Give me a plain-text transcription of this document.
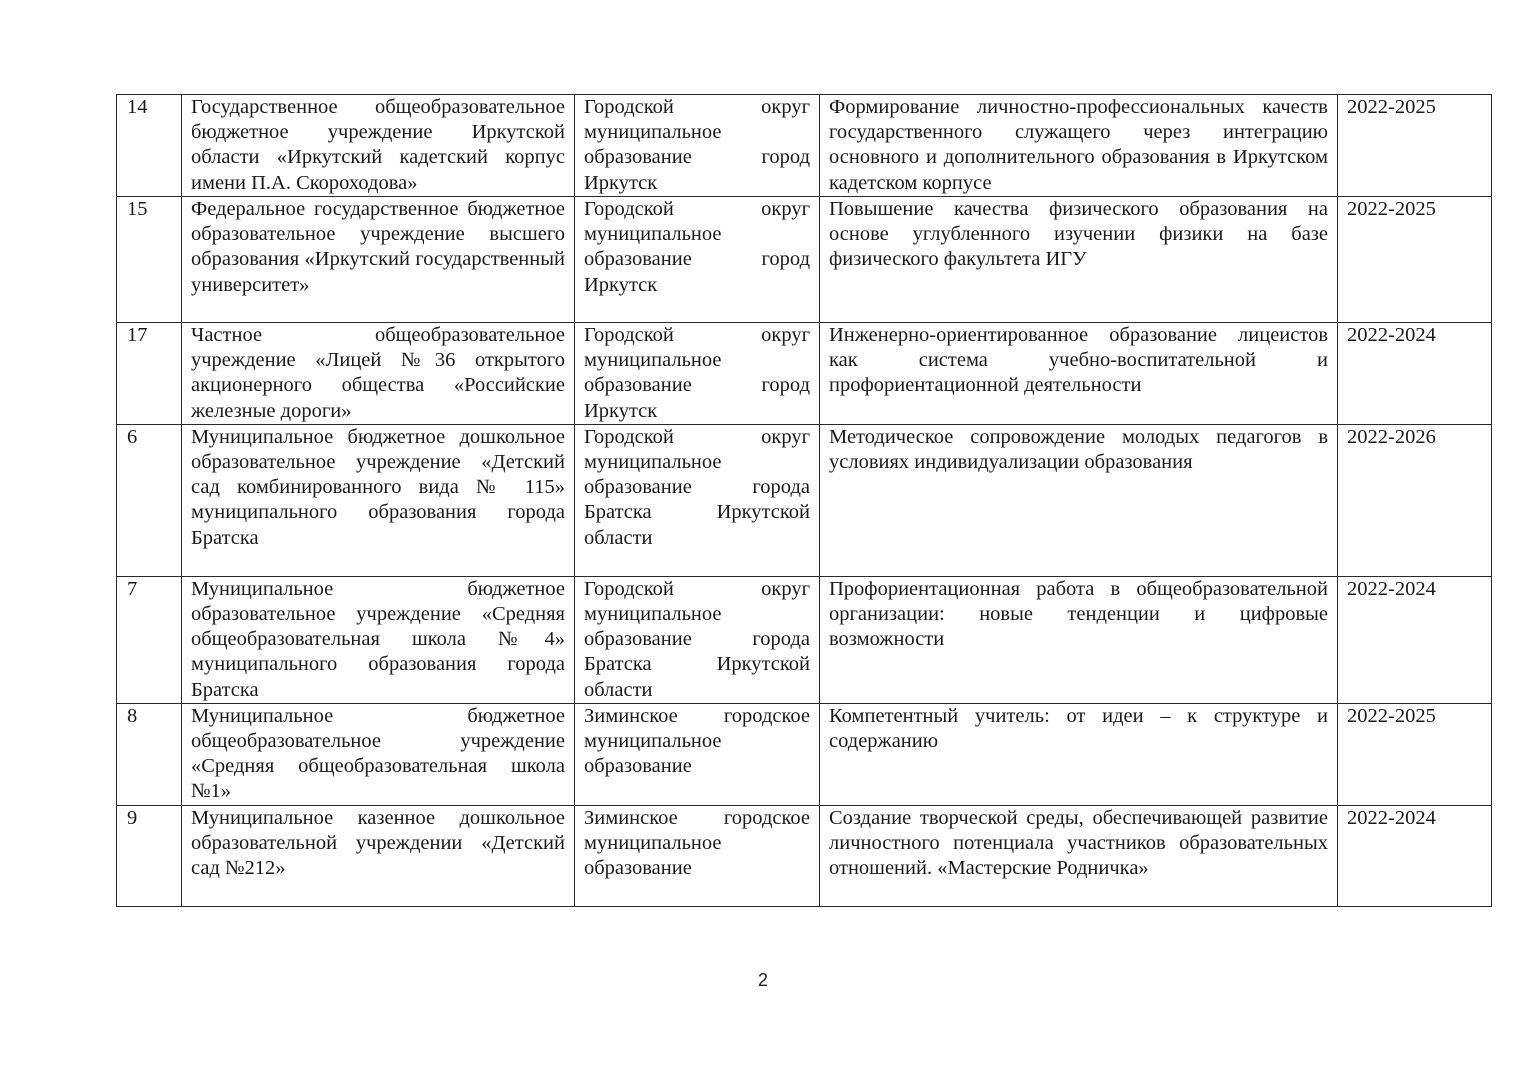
14	Государственное общеобразовательное бюджетное учреждение Иркутской области «Иркутский кадетский корпус имени П.А. Скороходова»	Городской округ муниципальное образование город Иркутск	Формирование личностно-профессиональных качеств государственного служащего через интеграцию основного и дополнительного образования в Иркутском кадетском корпусе	2022-2025
15	Федеральное государственное бюджетное образовательное учреждение высшего образования «Иркутский государственный университет»	Городской округ муниципальное образование город Иркутск	Повышение качества физического образования на основе углубленного изучении физики на базе физического факультета ИГУ	2022-2025
17	Частное общеобразовательное учреждение «Лицей №36 открытого акционерного общества «Российские железные дороги»	Городской округ муниципальное образование город Иркутск	Инженерно-ориентированное образование лицеистов как система учебно-воспитательной и профориентационной деятельности	2022-2024
6	Муниципальное бюджетное дошкольное образовательное учреждение «Детский сад комбинированного вида № 115» муниципального образования города Братска	Городской округ муниципальное образование города Братска Иркутской области	Методическое сопровождение молодых педагогов в условиях индивидуализации образования	2022-2026
7	Муниципальное бюджетное образовательное учреждение «Средняя общеобразовательная школа №4» муниципального образования города Братска	Городской округ муниципальное образование города Братска Иркутской области	Профориентационная работа в общеобразовательной организации: новые тенденции и цифровые возможности	2022-2024
8	Муниципальное бюджетное общеобразовательное учреждение «Средняя общеобразовательная школа №1»	Зиминское городское муниципальное образование	Компетентный учитель: от идеи – к структуре и содержанию	2022-2025
9	Муниципальное казенное дошкольное образовательной учреждении «Детский сад №212»	Зиминское городское муниципальное образование	Создание творческой среды, обеспечивающей развитие личностного потенциала участников образовательных отношений. «Мастерские Родничка»	2022-2024
2
